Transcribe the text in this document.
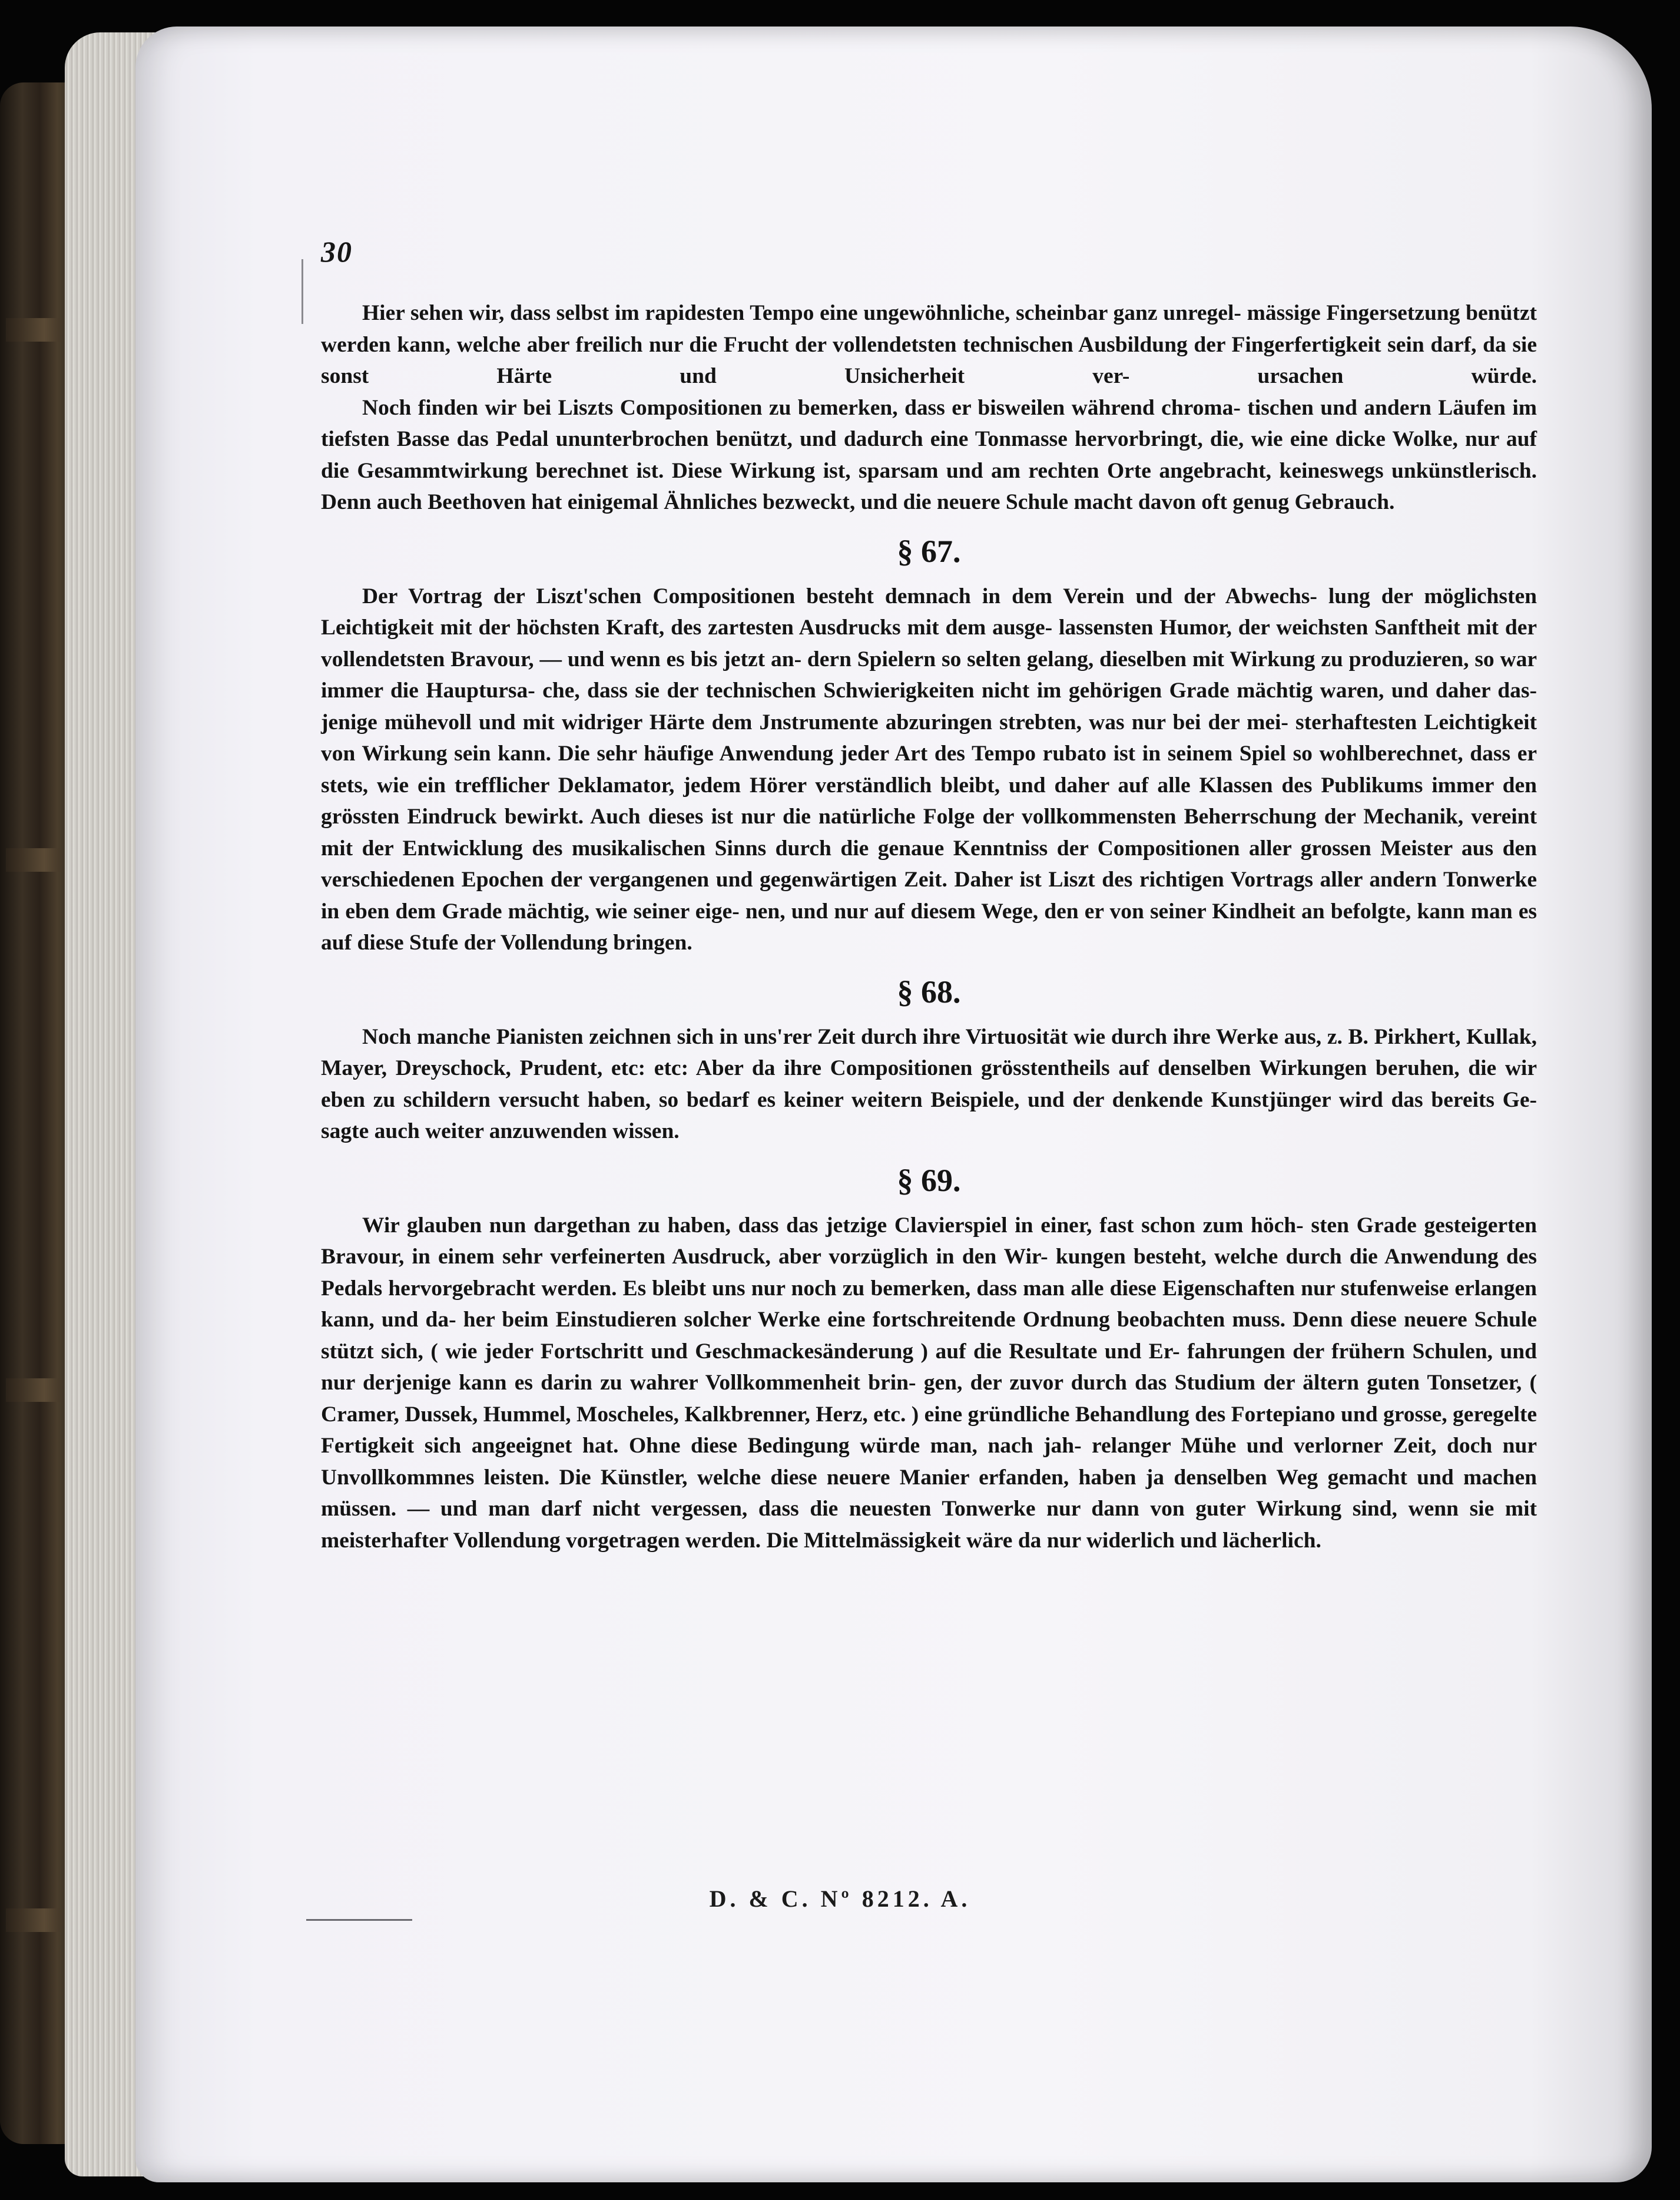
30

Hier sehen wir, dass selbst im rapidesten Tempo eine ungewöhnliche, scheinbar ganz unregel- mässige Fingersetzung benützt werden kann, welche aber freilich nur die Frucht der vollendetsten technischen Ausbildung der Fingerfertigkeit sein darf, da sie sonst Härte und Unsicherheit ver- ursachen würde.

Noch finden wir bei Liszts Compositionen zu bemerken, dass er bisweilen während chroma- tischen und andern Läufen im tiefsten Basse das Pedal ununterbrochen benützt, und dadurch eine Tonmasse hervorbringt, die, wie eine dicke Wolke, nur auf die Gesammtwirkung berechnet ist. Diese Wirkung ist, sparsam und am rechten Orte angebracht, keineswegs unkünstlerisch. Denn auch Beethoven hat einigemal Ähnliches bezweckt, und die neuere Schule macht davon oft genug Gebrauch.

§ 67.

Der Vortrag der Liszt'schen Compositionen besteht demnach in dem Verein und der Abwechs- lung der möglichsten Leichtigkeit mit der höchsten Kraft, des zartesten Ausdrucks mit dem ausge- lassensten Humor, der weichsten Sanftheit mit der vollendetsten Bravour, — und wenn es bis jetzt an- dern Spielern so selten gelang, dieselben mit Wirkung zu produzieren, so war immer die Hauptursa- che, dass sie der technischen Schwierigkeiten nicht im gehörigen Grade mächtig waren, und daher das- jenige mühevoll und mit widriger Härte dem Jnstrumente abzuringen strebten, was nur bei der mei- sterhaftesten Leichtigkeit von Wirkung sein kann. Die sehr häufige Anwendung jeder Art des Tempo rubato ist in seinem Spiel so wohlberechnet, dass er stets, wie ein trefflicher Deklamator, jedem Hörer verständlich bleibt, und daher auf alle Klassen des Publikums immer den grössten Eindruck bewirkt. Auch dieses ist nur die natürliche Folge der vollkommensten Beherrschung der Mechanik, vereint mit der Entwicklung des musikalischen Sinns durch die genaue Kenntniss der Compositionen aller grossen Meister aus den verschiedenen Epochen der vergangenen und gegenwärtigen Zeit. Daher ist Liszt des richtigen Vortrags aller andern Tonwerke in eben dem Grade mächtig, wie seiner eige- nen, und nur auf diesem Wege, den er von seiner Kindheit an befolgte, kann man es auf diese Stufe der Vollendung bringen.

§ 68.

Noch manche Pianisten zeichnen sich in uns'rer Zeit durch ihre Virtuosität wie durch ihre Werke aus, z. B. Pirkhert, Kullak, Mayer, Dreyschock, Prudent, etc: etc: Aber da ihre Compositionen grösstentheils auf denselben Wirkungen beruhen, die wir eben zu schildern versucht haben, so bedarf es keiner weitern Beispiele, und der denkende Kunstjünger wird das bereits Ge- sagte auch weiter anzuwenden wissen.

§ 69.

Wir glauben nun dargethan zu haben, dass das jetzige Clavierspiel in einer, fast schon zum höch- sten Grade gesteigerten Bravour, in einem sehr verfeinerten Ausdruck, aber vorzüglich in den Wir- kungen besteht, welche durch die Anwendung des Pedals hervorgebracht werden. Es bleibt uns nur noch zu bemerken, dass man alle diese Eigenschaften nur stufenweise erlangen kann, und da- her beim Einstudieren solcher Werke eine fortschreitende Ordnung beobachten muss. Denn diese neuere Schule stützt sich, ( wie jeder Fortschritt und Geschmackesänderung ) auf die Resultate und Er- fahrungen der frühern Schulen, und nur derjenige kann es darin zu wahrer Vollkommenheit brin- gen, der zuvor durch das Studium der ältern guten Tonsetzer, ( Cramer, Dussek, Hummel, Moscheles, Kalkbrenner, Herz, etc. ) eine gründliche Behandlung des Fortepiano und grosse, geregelte Fertigkeit sich angeeignet hat. Ohne diese Bedingung würde man, nach jah- relanger Mühe und verlorner Zeit, doch nur Unvollkommnes leisten. Die Künstler, welche diese neuere Manier erfanden, haben ja denselben Weg gemacht und machen müssen. — und man darf nicht vergessen, dass die neuesten Tonwerke nur dann von guter Wirkung sind, wenn sie mit meisterhafter Vollendung vorgetragen werden. Die Mittelmässigkeit wäre da nur widerlich und lächerlich.

D. & C. Nº 8212. A.
